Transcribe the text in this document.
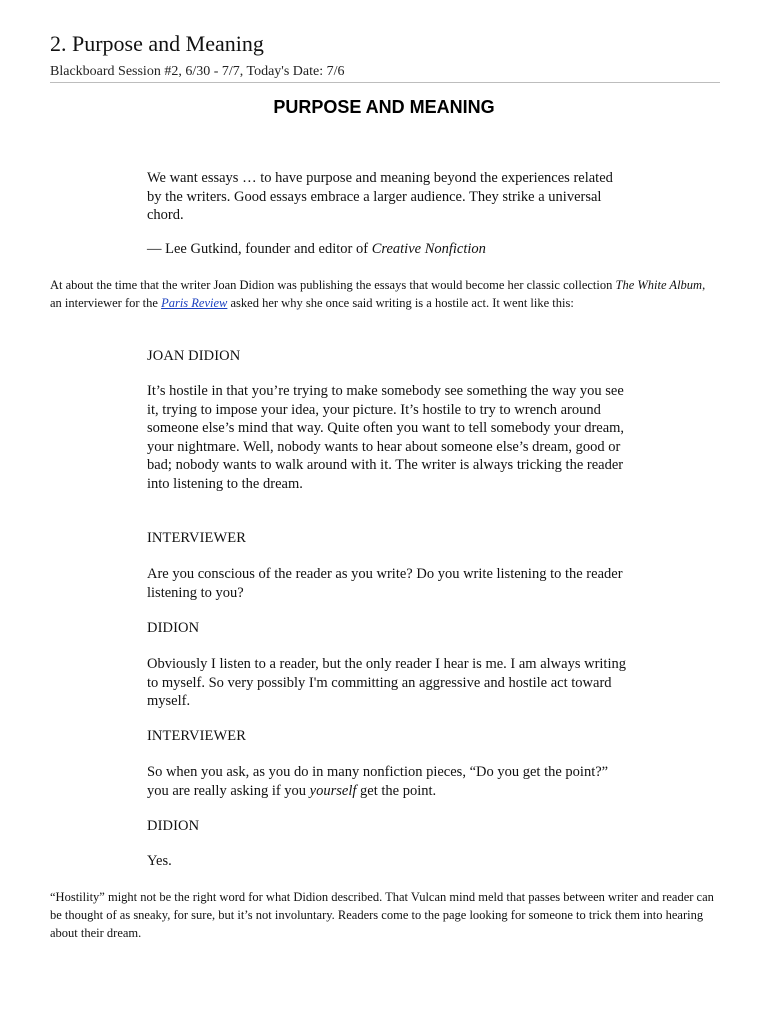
2. Purpose and Meaning
Blackboard Session #2, 6/30 - 7/7, Today's Date: 7/6
PURPOSE AND MEANING

We want essays … to have purpose and meaning beyond the experiences related by the writers. Good essays embrace a larger audience. They strike a universal chord.

— Lee Gutkind, founder and editor of Creative Nonfiction

At about the time that the writer Joan Didion was publishing the essays that would become her classic collection The White Album, an interviewer for the Paris Review asked her why she once said writing is a hostile act. It went like this:

JOAN DIDION

It’s hostile in that you’re trying to make somebody see something the way you see it, trying to impose your idea, your picture. It’s hostile to try to wrench around someone else’s mind that way. Quite often you want to tell somebody your dream, your nightmare. Well, nobody wants to hear about someone else’s dream, good or bad; nobody wants to walk around with it. The writer is always tricking the reader into listening to the dream.

INTERVIEWER

Are you conscious of the reader as you write? Do you write listening to the reader listening to you?

DIDION

Obviously I listen to a reader, but the only reader I hear is me. I am always writing to myself. So very possibly I'm committing an aggressive and hostile act toward myself.

INTERVIEWER

So when you ask, as you do in many nonfiction pieces, “Do you get the point?” you are really asking if you yourself get the point.

DIDION

Yes.

“Hostility” might not be the right word for what Didion described. That Vulcan mind meld that passes between writer and reader can be thought of as sneaky, for sure, but it’s not involuntary. Readers come to the page looking for someone to trick them into hearing about their dream.
